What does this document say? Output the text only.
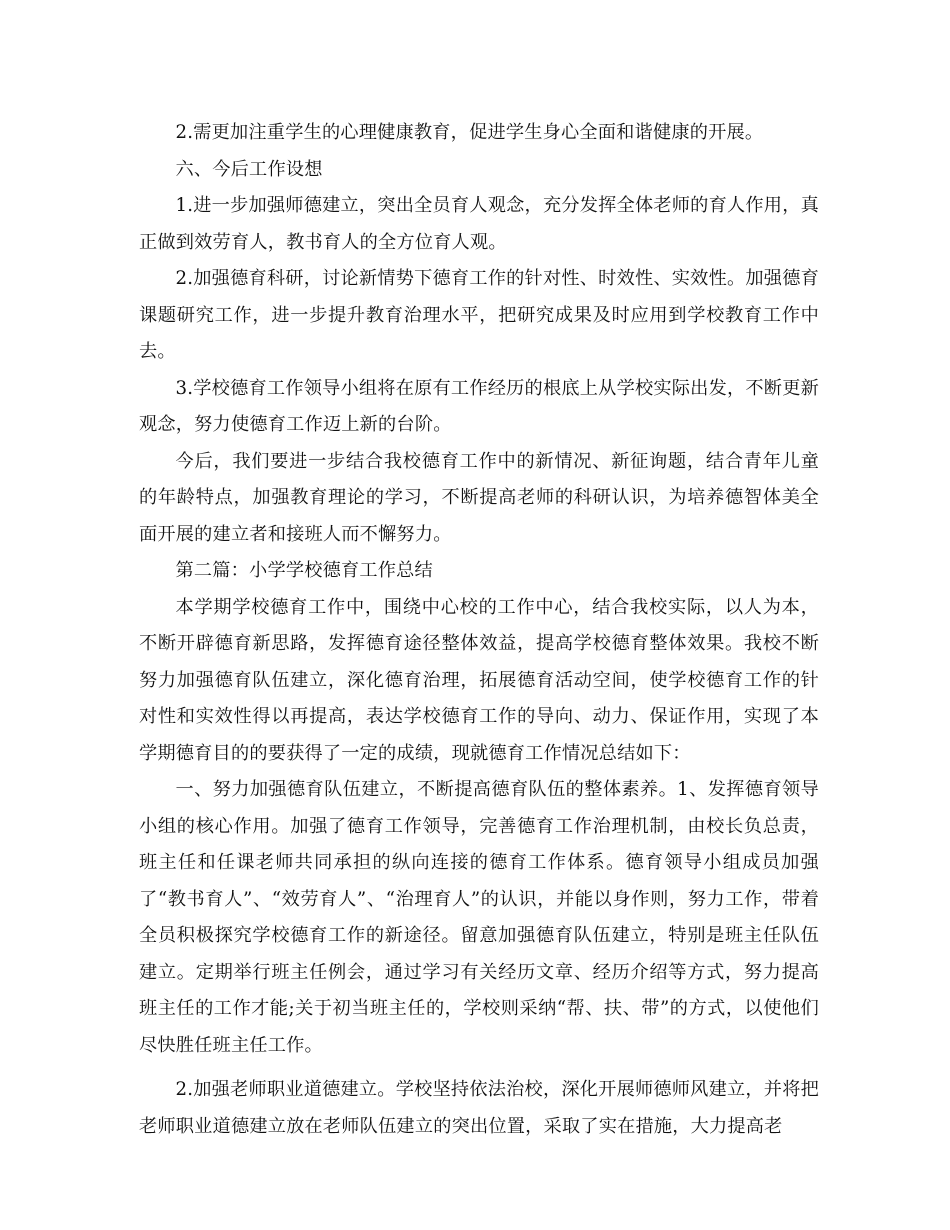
2.需更加注重学生的心理健康教育，促进学生身心全面和谐健康的开展。

六、今后工作设想

1.进一步加强师德建立，突出全员育人观念，充分发挥全体老师的育人作用，真正做到效劳育人，教书育人的全方位育人观。

2.加强德育科研，讨论新情势下德育工作的针对性、时效性、实效性。加强德育课题研究工作，进一步提升教育治理水平，把研究成果及时应用到学校教育工作中去。

3.学校德育工作领导小组将在原有工作经历的根底上从学校实际出发，不断更新观念，努力使德育工作迈上新的台阶。

今后，我们要进一步结合我校德育工作中的新情况、新征询题，结合青年儿童的年龄特点，加强教育理论的学习，不断提高老师的科研认识，为培养德智体美全面开展的建立者和接班人而不懈努力。

第二篇：小学学校德育工作总结

本学期学校德育工作中，围绕中心校的工作中心，结合我校实际，以人为本，不断开辟德育新思路，发挥德育途径整体效益，提高学校德育整体效果。我校不断努力加强德育队伍建立，深化德育治理，拓展德育活动空间，使学校德育工作的针对性和实效性得以再提高，表达学校德育工作的导向、动力、保证作用，实现了本学期德育目的的要获得了一定的成绩，现就德育工作情况总结如下：

一、努力加强德育队伍建立，不断提高德育队伍的整体素养。1、发挥德育领导小组的核心作用。加强了德育工作领导，完善德育工作治理机制，由校长负总责，班主任和任课老师共同承担的纵向连接的德育工作体系。德育领导小组成员加强了“教书育人”、“效劳育人”、“治理育人”的认识，并能以身作则，努力工作，带着全员积极探究学校德育工作的新途径。留意加强德育队伍建立，特别是班主任队伍建立。定期举行班主任例会，通过学习有关经历文章、经历介绍等方式，努力提高班主任的工作才能;关于初当班主任的，学校则采纳“帮、扶、带”的方式，以使他们尽快胜任班主任工作。

2.加强老师职业道德建立。学校坚持依法治校，深化开展师德师风建立，并将把老师职业道德建立放在老师队伍建立的突出位置，采取了实在措施，大力提高老
